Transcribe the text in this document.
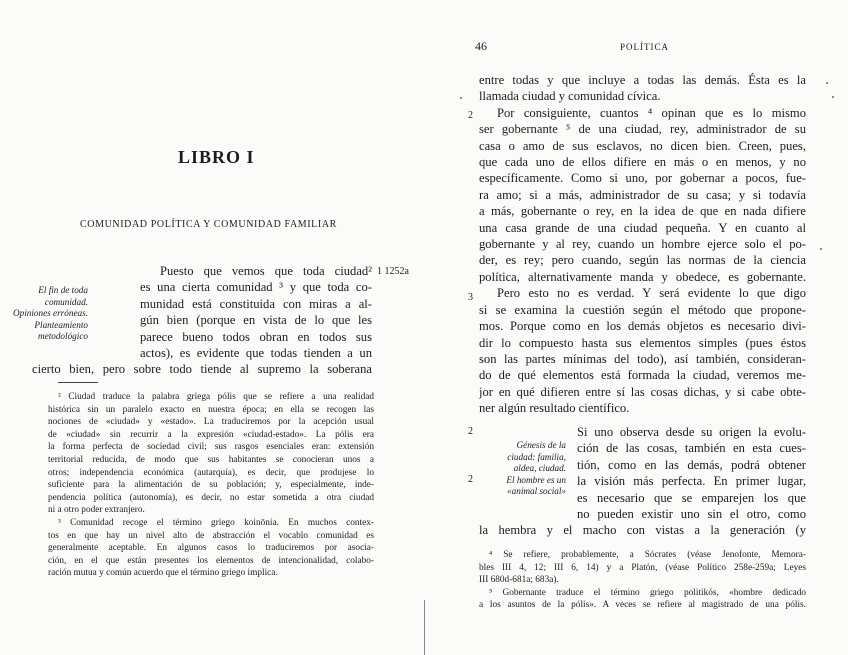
LIBRO I
COMUNIDAD POLÍTICA Y COMUNIDAD FAMILIAR
El fin de toda
comunidad.
Opiniones erróneas.
Planteamiento
metodológico
1 1252a
Puesto que vemos que toda ciudad²
es una cierta comunidad ³ y que toda co-
munidad está constituida con miras a al-
gún bien (porque en vista de lo que les
parece bueno todos obran en todos sus
actos), es evidente que todas tienden a un
cierto bien, pero sobre todo tiende al supremo la soberana
² Ciudad traduce la palabra griega pólis que se refiere a una realidad
histórica sin un paralelo exacto en nuestra época; en ella se recogen las
nociones de «ciudad» y «estado». La traduciremos por la acepción usual
de «ciudad» sin recurrir a la expresión «ciudad-estado». La pólis era
la forma perfecta de sociedad civil; sus rasgos esenciales eran: extensión
territorial reducida, de modo que sus habitantes se conocieran unos a
otros; independencia económica (autarquía), es decir, que produjese lo
suficiente para la alimentación de su población; y, especialmente, inde-
pendencia política (autonomía), es decir, no estar sometida a otra ciudad
ni a otro poder extranjero.
³ Comunidad recoge el término griego koinōnía. En muchos contex-
tos en que hay un nivel alto de abstracción el vocablo comunidad es
generalmente aceptable. En algunos casos lo traduciremos por asocia-
ción, en el que están presentes los elementos de intencionalidad, colabo-
ración mutua y común acuerdo que el término griego implica.
46	POLÍTICA
2
3
2
2
entre todas y que incluye a todas las demás. Ésta es la
llamada ciudad y comunidad cívica.
Por consiguiente, cuantos ⁴ opinan que es lo mismo
ser gobernante ⁵ de una ciudad, rey, administrador de su
casa o amo de sus esclavos, no dicen bien. Creen, pues,
que cada uno de ellos difiere en más o en menos, y no
específicamente. Como si uno, por gobernar a pocos, fue-
ra amo; si a más, administrador de su casa; y si todavía
a más, gobernante o rey, en la idea de que en nada difiere
una casa grande de una ciudad pequeña. Y en cuanto al
gobernante y al rey, cuando un hombre ejerce solo el po-
der, es rey; pero cuando, según las normas de la ciencia
política, alternativamente manda y obedece, es gobernante.
Pero esto no es verdad. Y será evidente lo que digo
si se examina la cuestión según el método que propone-
mos. Porque como en los demás objetos es necesario divi-
dir lo compuesto hasta sus elementos simples (pues éstos
son las partes mínimas del todo), así también, consideran-
do de qué elementos está formada la ciudad, veremos me-
jor en qué difieren entre sí las cosas dichas, y si cabe obte-
ner algún resultado científico.
Génesis de la
ciudad: familia,
aldea, ciudad.
El hombre es un
«animal social»
Si uno observa desde su origen la evolu-
ción de las cosas, también en esta cues-
tión, como en las demás, podrá obtener
la visión más perfecta. En primer lugar,
es necesario que se emparejen los que
no pueden existir uno sin el otro, como
la hembra y el macho con vistas a la generación (y
⁴ Se refiere, probablemente, a Sócrates (véase Jenofonte, Memora-
bles III 4, 12; III 6, 14) y a Platón, (véase Político 258e-259a; Leyes
III 680d-681a; 683a).
⁵ Gobernante traduce el término griego politikós, «hombre dedicado
a los asuntos de la pólis». A veces se refiere al magistrado de una pólis.
